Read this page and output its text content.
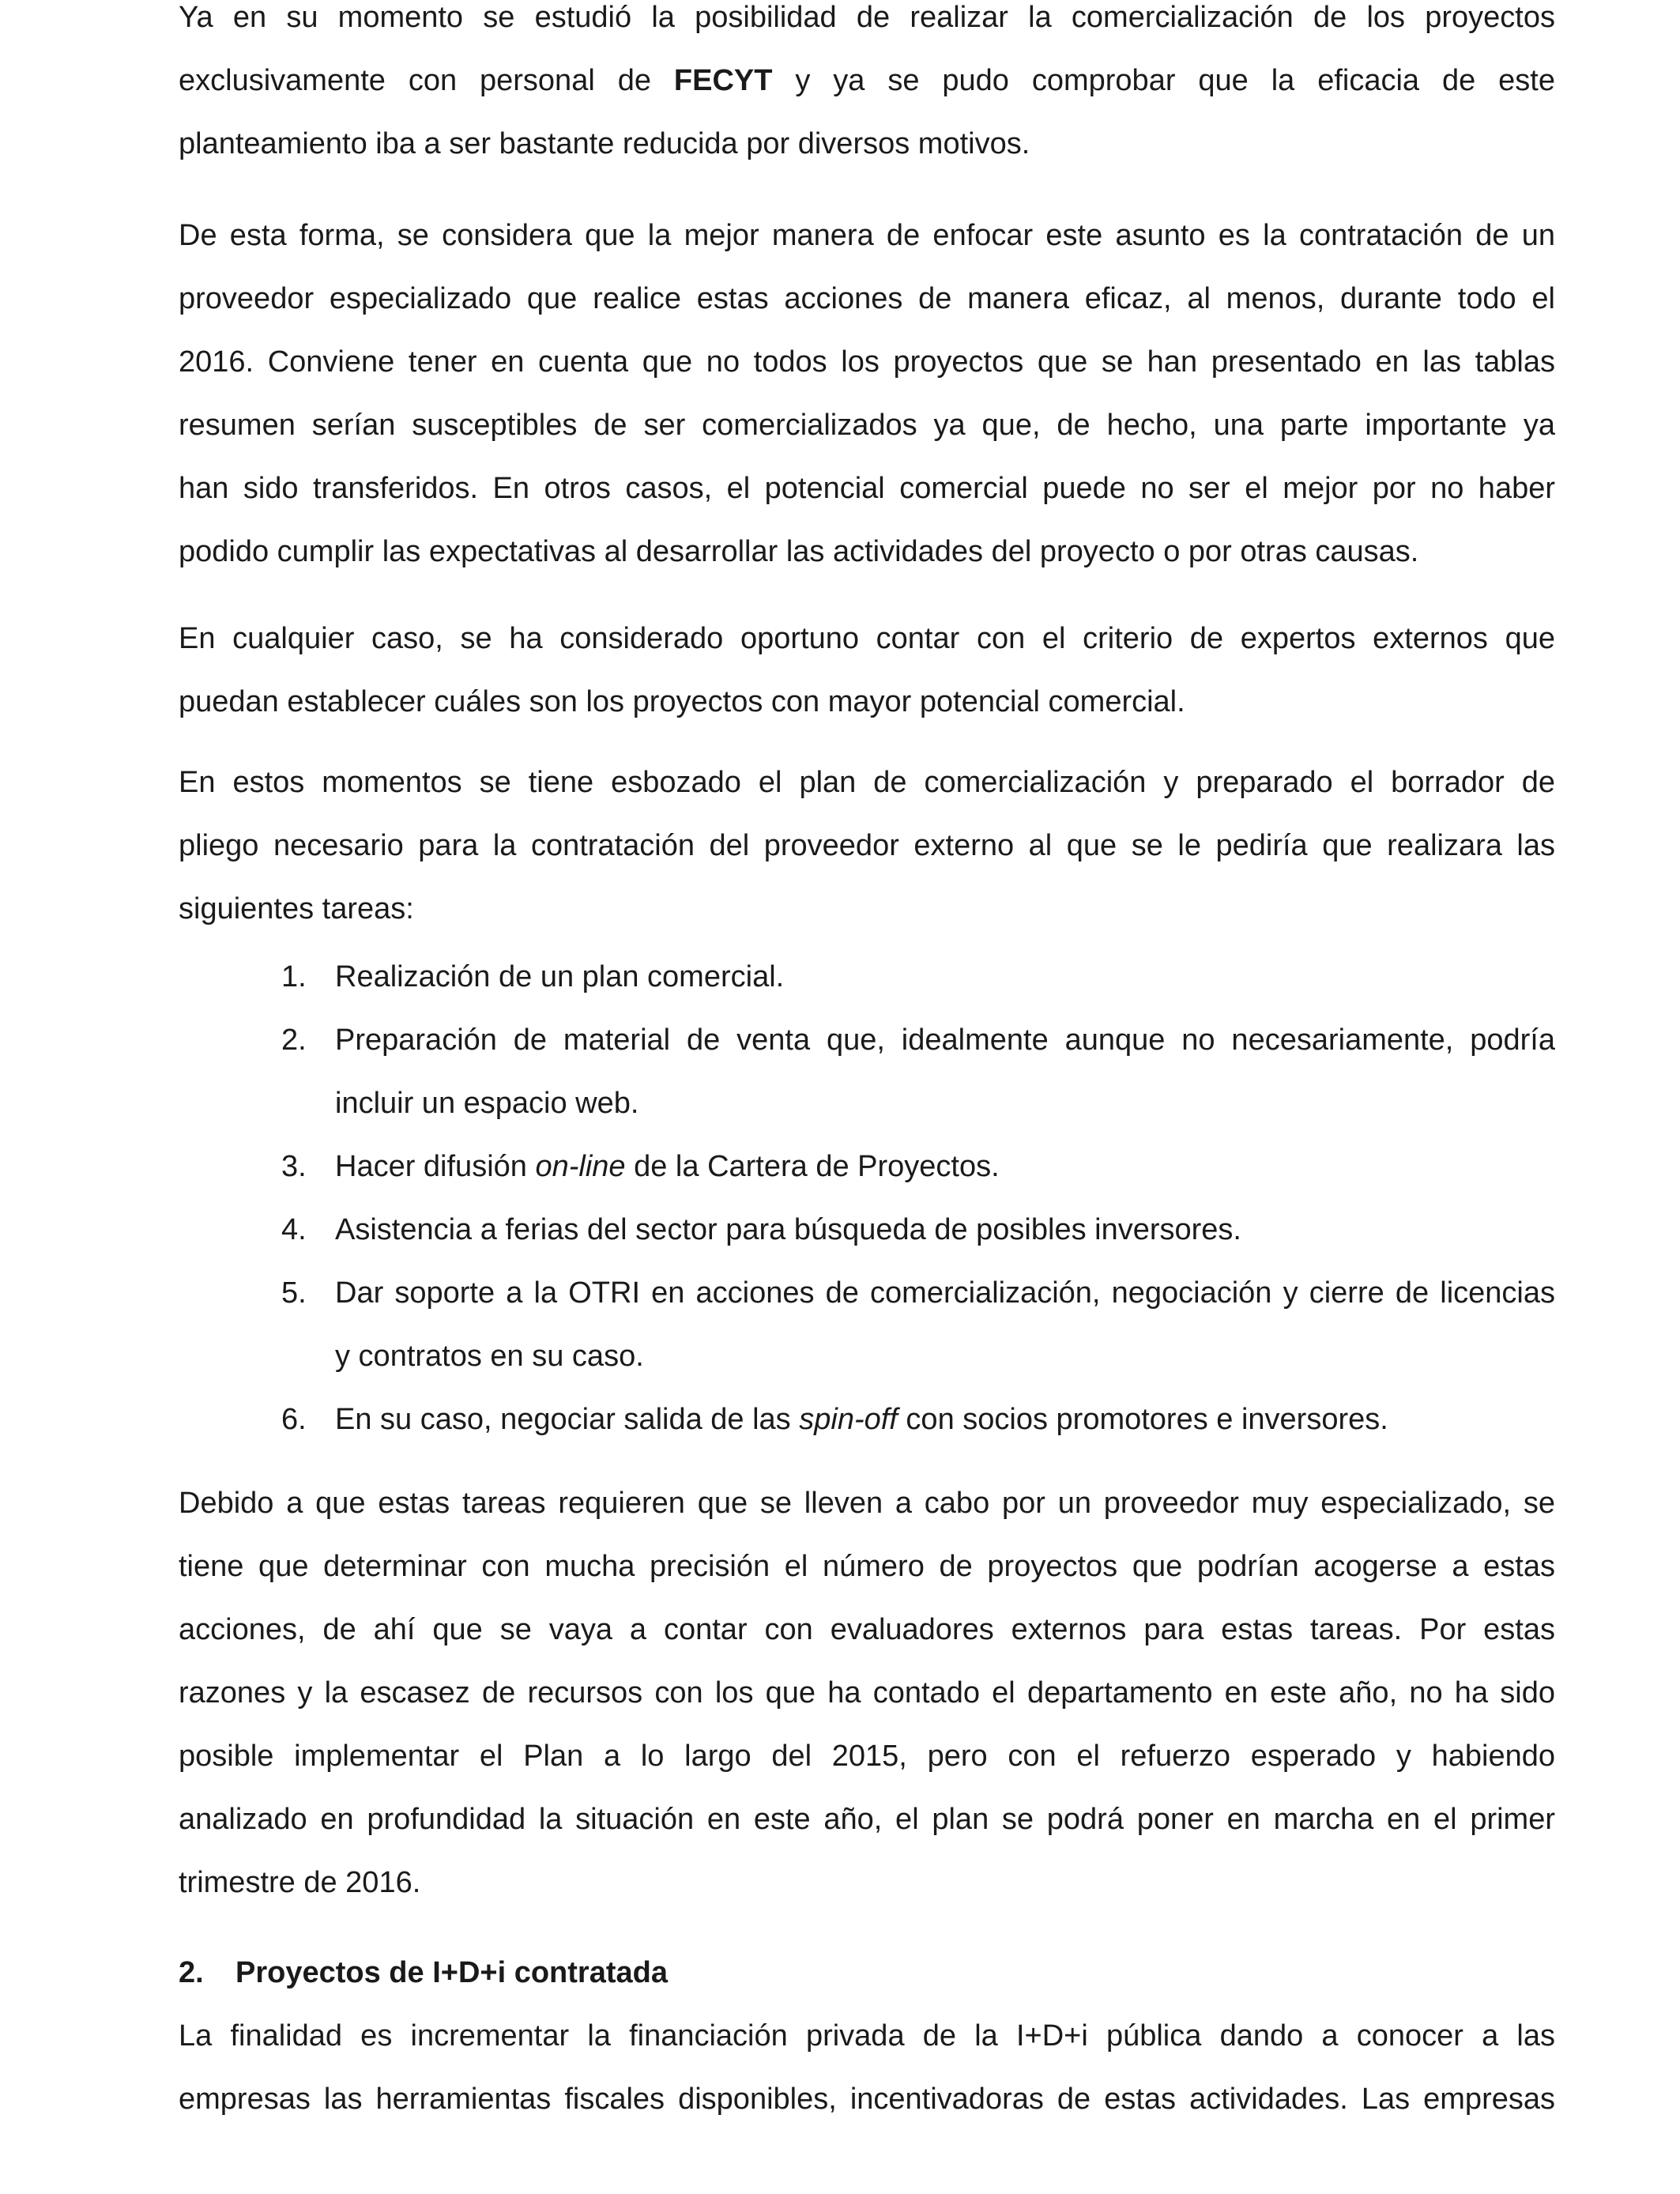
Ya en su momento se estudió la posibilidad de realizar la comercialización de los proyectos
exclusivamente con personal de FECYT y ya se pudo comprobar que la eficacia de este
planteamiento iba a ser bastante reducida por diversos motivos.

De esta forma, se considera que la mejor manera de enfocar este asunto es la contratación de un
proveedor especializado que realice estas acciones de manera eficaz, al menos, durante todo el
2016. Conviene tener en cuenta que no todos los proyectos que se han presentado en las tablas
resumen serían susceptibles de ser comercializados ya que, de hecho, una parte importante ya
han sido transferidos. En otros casos, el potencial comercial puede no ser el mejor por no haber
podido cumplir las expectativas al desarrollar las actividades del proyecto o por otras causas.

En cualquier caso, se ha considerado oportuno contar con el criterio de expertos externos que
puedan establecer cuáles son los proyectos con mayor potencial comercial.

En estos momentos se tiene esbozado el plan de comercialización y preparado el borrador de
pliego necesario para la contratación del proveedor externo al que se le pediría que realizara las
siguientes tareas:

1. Realización de un plan comercial.
2. Preparación de material de venta que, idealmente aunque no necesariamente, podría
incluir un espacio web.
3. Hacer difusión on-line de la Cartera de Proyectos.
4. Asistencia a ferias del sector para búsqueda de posibles inversores.
5. Dar soporte a la OTRI en acciones de comercialización, negociación y cierre de licencias
y contratos en su caso.
6. En su caso, negociar salida de las spin-off con socios promotores e inversores.

Debido a que estas tareas requieren que se lleven a cabo por un proveedor muy especializado, se
tiene que determinar con mucha precisión el número de proyectos que podrían acogerse a estas
acciones, de ahí que se vaya a contar con evaluadores externos para estas tareas. Por estas
razones y la escasez de recursos con los que ha contado el departamento en este año, no ha sido
posible implementar el Plan a lo largo del 2015, pero con el refuerzo esperado y habiendo
analizado en profundidad la situación en este año, el plan se podrá poner en marcha en el primer
trimestre de 2016.

2. Proyectos de I+D+i contratada

La finalidad es incrementar la financiación privada de la I+D+i pública dando a conocer a las
empresas las herramientas fiscales disponibles, incentivadoras de estas actividades. Las empresas
